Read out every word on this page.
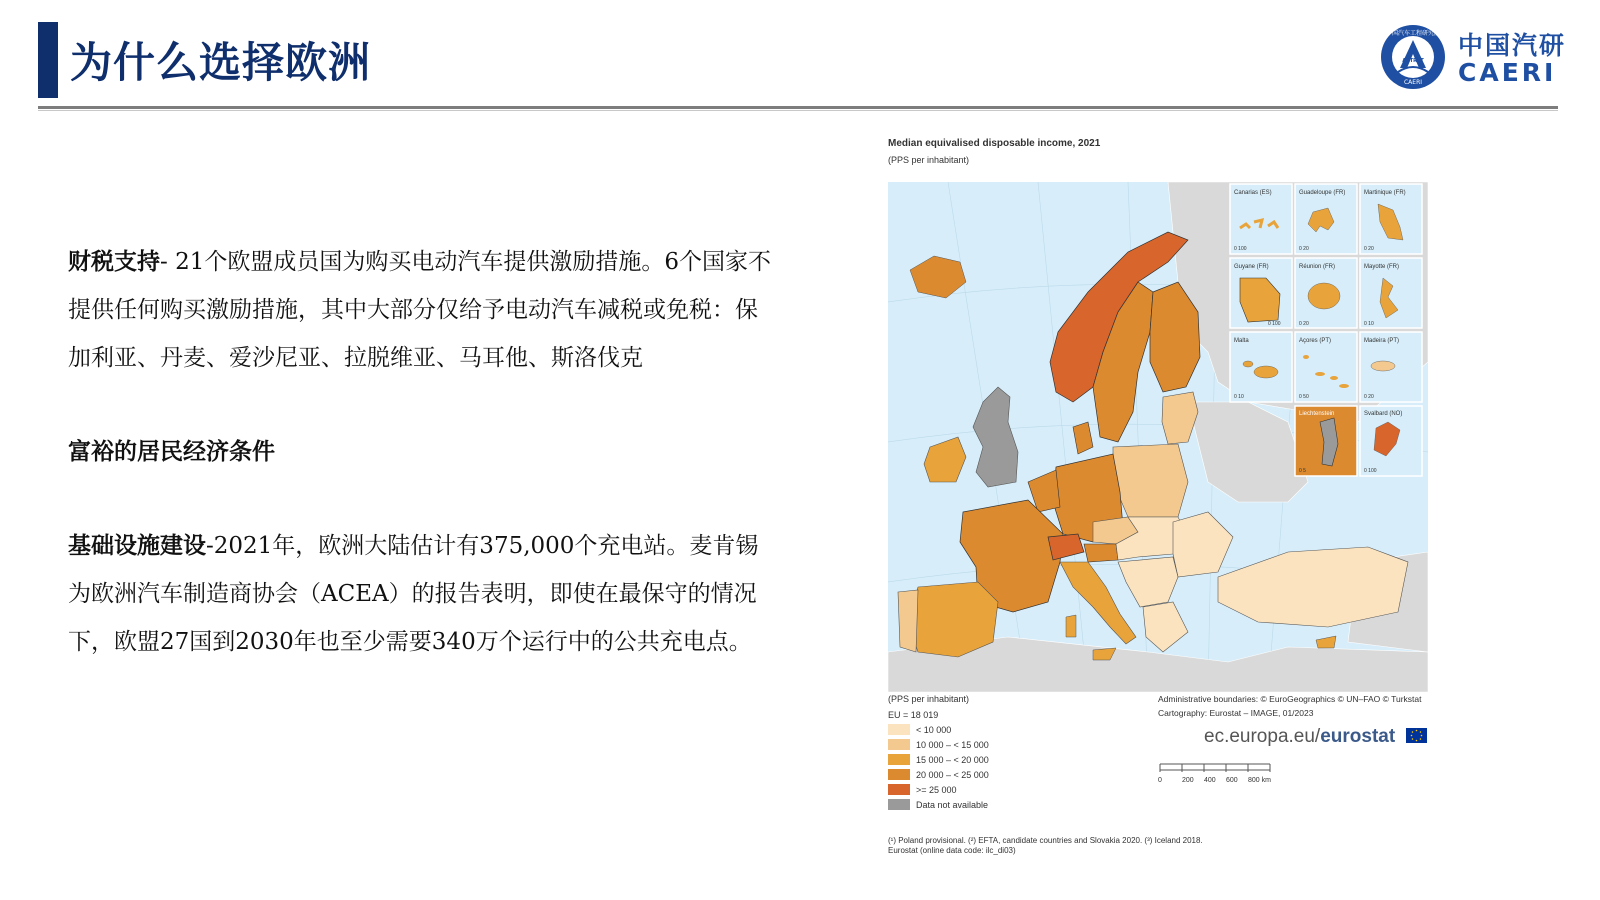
为什么选择欧洲
中国汽车工程研究院
CAERI
ASTRET
中国汽研
CAERI

财税支持- 21个欧盟成员国为购买电动汽车提供激励措施。6个国家不提供任何购买激励措施，其中大部分仅给予电动汽车减税或免税：保加利亚、丹麦、爱沙尼亚、拉脱维亚、马耳他、斯洛伐克

富裕的居民经济条件

基础设施建设-2021年，欧洲大陆估计有375,000个充电站。麦肯锡为欧洲汽车制造商协会（ACEA）的报告表明，即使在最保守的情况下，欧盟27国到2030年也至少需要340万个运行中的公共充电点。

Median equivalised disposable income, 2021
(PPS per inhabitant)
Canarias (ES)
0 100
Guadeloupe (FR)
0 20
Martinique (FR)
0 20
Guyane (FR)
0 100
Réunion (FR)
0 20
Mayotte (FR)
0 10
Malta
0 10
Açores (PT)
0 50
Madeira (PT)
0 20
Liechtenstein
0 5
Svalbard (NO)
0 100
(PPS per inhabitant)
EU = 18 019
< 10 000
10 000 – < 15 000
15 000 – < 20 000
20 000 – < 25 000
>= 25 000
Data not available
Administrative boundaries: © EuroGeographics © UN–FAO © Turkstat
Cartography: Eurostat – IMAGE, 01/2023
ec.europa.eu/eurostat
0	200 400 600 800 km
(¹) Poland provisional. (²) EFTA, candidate countries and Slovakia 2020. (³) Iceland 2018.
Eurostat (online data code: ilc_di03)
